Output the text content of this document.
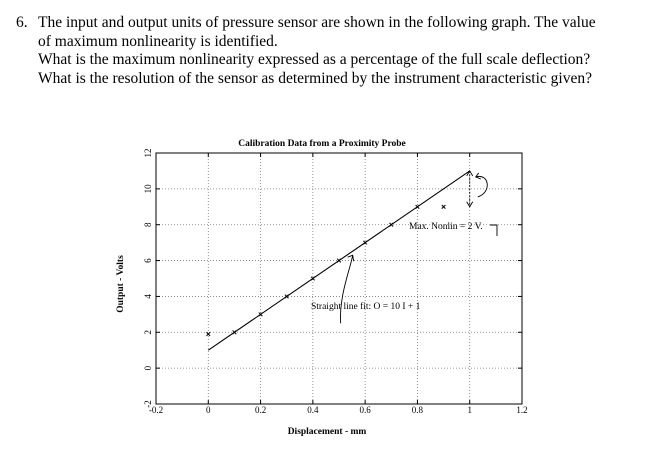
6. The input and output units of pressure sensor are shown in the following graph. The value
of maximum nonlinearity is identified.
What is the maximum nonlinearity expressed as a percentage of the full scale deflection?
What is the resolution of the sensor as determined by the instrument characteristic given?
-0.2	0	0.2	0.4	0.6	0.8	1	1.2
-2
0
2
4
6
8
10
12
Calibration Data from a Proximity Probe
Displacement - mm
Output - Volts	Straight line fit: O = 10 I + 1
Max. Nonlin = 2 V.
